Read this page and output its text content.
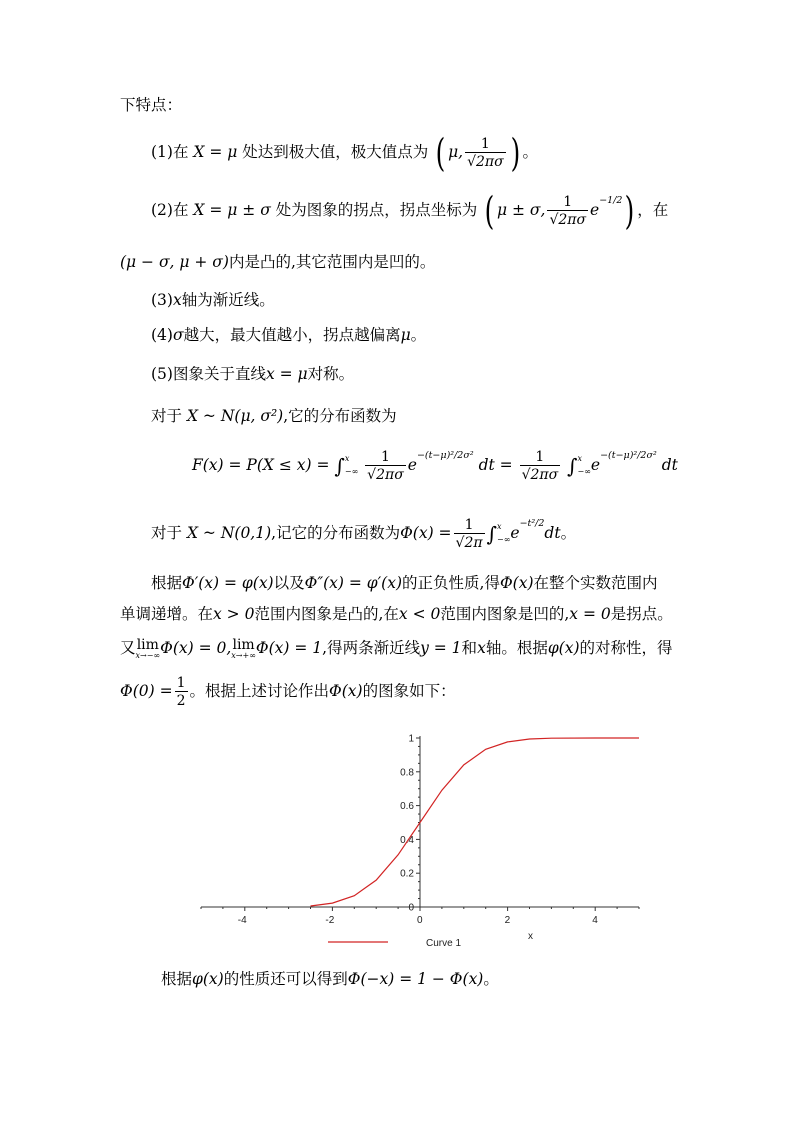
下特点：
(1)在 X = μ 处达到极大值，极大值点为 ( μ, $\frac{1}{√2\pi\sigma}$ ) 。
(2)在 X = μ ± σ 处为图象的拐点，拐点坐标为 ( μ ± σ, $\frac{1}{√2\pi\sigma} e^{-1/2}$) ，在
(μ − σ, μ + σ)内是凸的,其它范围内是凹的。
(3)x轴为渐近线。
(4)σ越大，最大值越小，拐点越偏离μ。
(5)图象关于直线x = μ对称。
对于 X ~ N(μ, σ²),它的分布函数为
F(x) = P(X ≤ x) = ∫ x
−∞
$\frac{1}{√2\pi\sigma} e^{-(t-\mu)^2/2\sigma^2}$ dt = $\frac{1}{√2\pi\sigma}$ ∫ x
−∞ $e^{-(t-\mu)^2/2\sigma^2}$ dt
对于 X ~ N(0,1),记它的分布函数为$\Phi(x) = \frac{1}{√2\pi}$ ∫ x
−∞ $e^{-t^2/2}dt$。
根据Φ′(x) = φ(x)以及Φ″(x) = φ′(x)的正负性质,得Φ(x)在整个实数范围内
单调递增。在x > 0范围内图象是凸的,在x < 0范围内图象是凹的,x = 0是拐点。
又 lim
x→−∞ Φ(x) = 0, lim
x→+∞ Φ(x) = 1,得两条渐近线y = 1和x轴。根据φ(x)的对称性，得
$\Phi(0) = \frac{1}{2}$ 。根据上述讨论作出Φ(x)的图象如下：
-4	-2	0	2	4
0
0.2
0.4
0.6
0.8
1
x
Curve 1
根据φ(x)的性质还可以得到Φ(−x) = 1 − Φ(x)。
